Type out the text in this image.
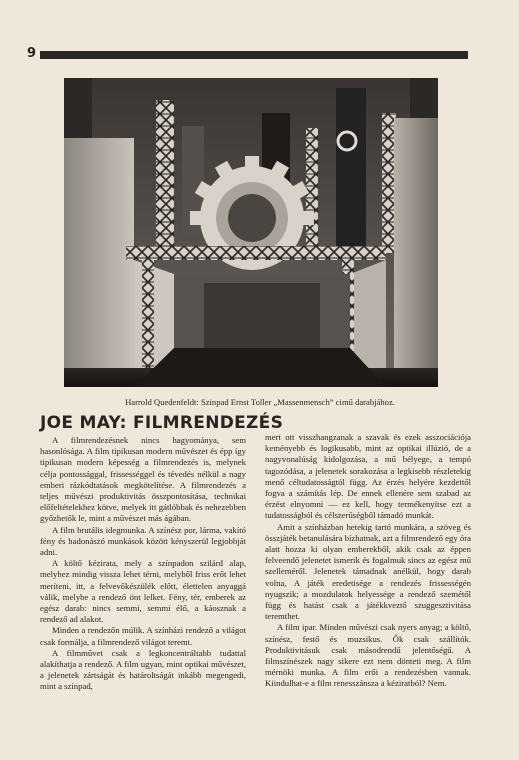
9
Harrold Quedenfeldt: Szinpad Ernst Toller „Massenmensch” cimű darabjához.
JOE MAY: FILMRENDEZÉS

A filmrendezésnek nincs hagyománya, sem hasonlósága. A film tipikusan modern művészet és épp így tipikusan modern képesség a filmrendezés is, melynek célja pontossággal, frissességgel és tévedés nélkül a nagy emberi rázkódtatások megkötelítése. A filmrendezés a teljes művészi produktivitás összpontosítása, technikai előfeltételekhez kötve, melyek itt gátlóbbak és nehezebben győzhetők le, mint a művészet más ágában.

A film brutális idegmunka. A színész por, lárma, vakító fény és hadonászó munkások között kényszerül legjobbját adni.

A költő kézirata, mely a színpadon szilárd alap, melyhez mindig vissza lehet térni, melyből friss erőt lehet meríteni, itt, a felvevőkészülék előtt, élettelen anyaggá válik, melybe a rendező önt lelket. Fény, tér, emberek az egész darab: nincs semmi, semmi élő, a káosznak a rendező ad alakot.

Minden a rendezőn múlik. A színházi rendező a világot csak formálja, a filmrendező világot teremt.

A filmművet csak a legkoncentráltabb tudattal alakíthatja a rendező. A film ugyan, mint optikai művészet, a jelenetek zártságát és határoltságát inkább megengedi, mint a színpad,

mert ott visszhangzanak a szavak és ezek asszociációja keményebb és logikusabb, mint az optikai illúzió, de a nagyvonalúság kidolgozása, a mű bélyege, a tempó tagozódása, a jelenetek sorakozása a legkisebb részletekig menő céltudatosságtól függ. Az érzés helyére kezdettől fogva a számítás lép. De ennek ellenére sem szabad az érzést elnyomni — ez kell, hogy termékenyítse ezt a tudatosságból és célszerűségből támadó munkát.

Amit a színházban hetekig tartó munkára, a szöveg és összjáték betanulására bízhatnak, azt a filmrendező egy óra alatt hozza ki olyan emberekből, akik csak az éppen felveendő jelenetet ismerik és fogalmuk sincs az egész mű szelleméről. Jelenetek támadnak anélkül, hogy darab volna, A játék eredetisége a rendezés frissességén nyugszik; a mozdulatok helyessége a rendező szemétől függ és hatást csak a játékkveztő szuggesztivitása teremthet.

A film ipar. Minden művészi csak nyers anyag; a költő, színész, festő és muzsikus. Ők csak szállítók. Produktivitásuk csak másodrendű jelentőségű. A filmszínészek nagy sikere ezt nem dönteti meg. A film mérnöki munka. A film erői a rendezésben vannak. Kiindulhat-e a film renesszánsza a kéziratból? Nem.
